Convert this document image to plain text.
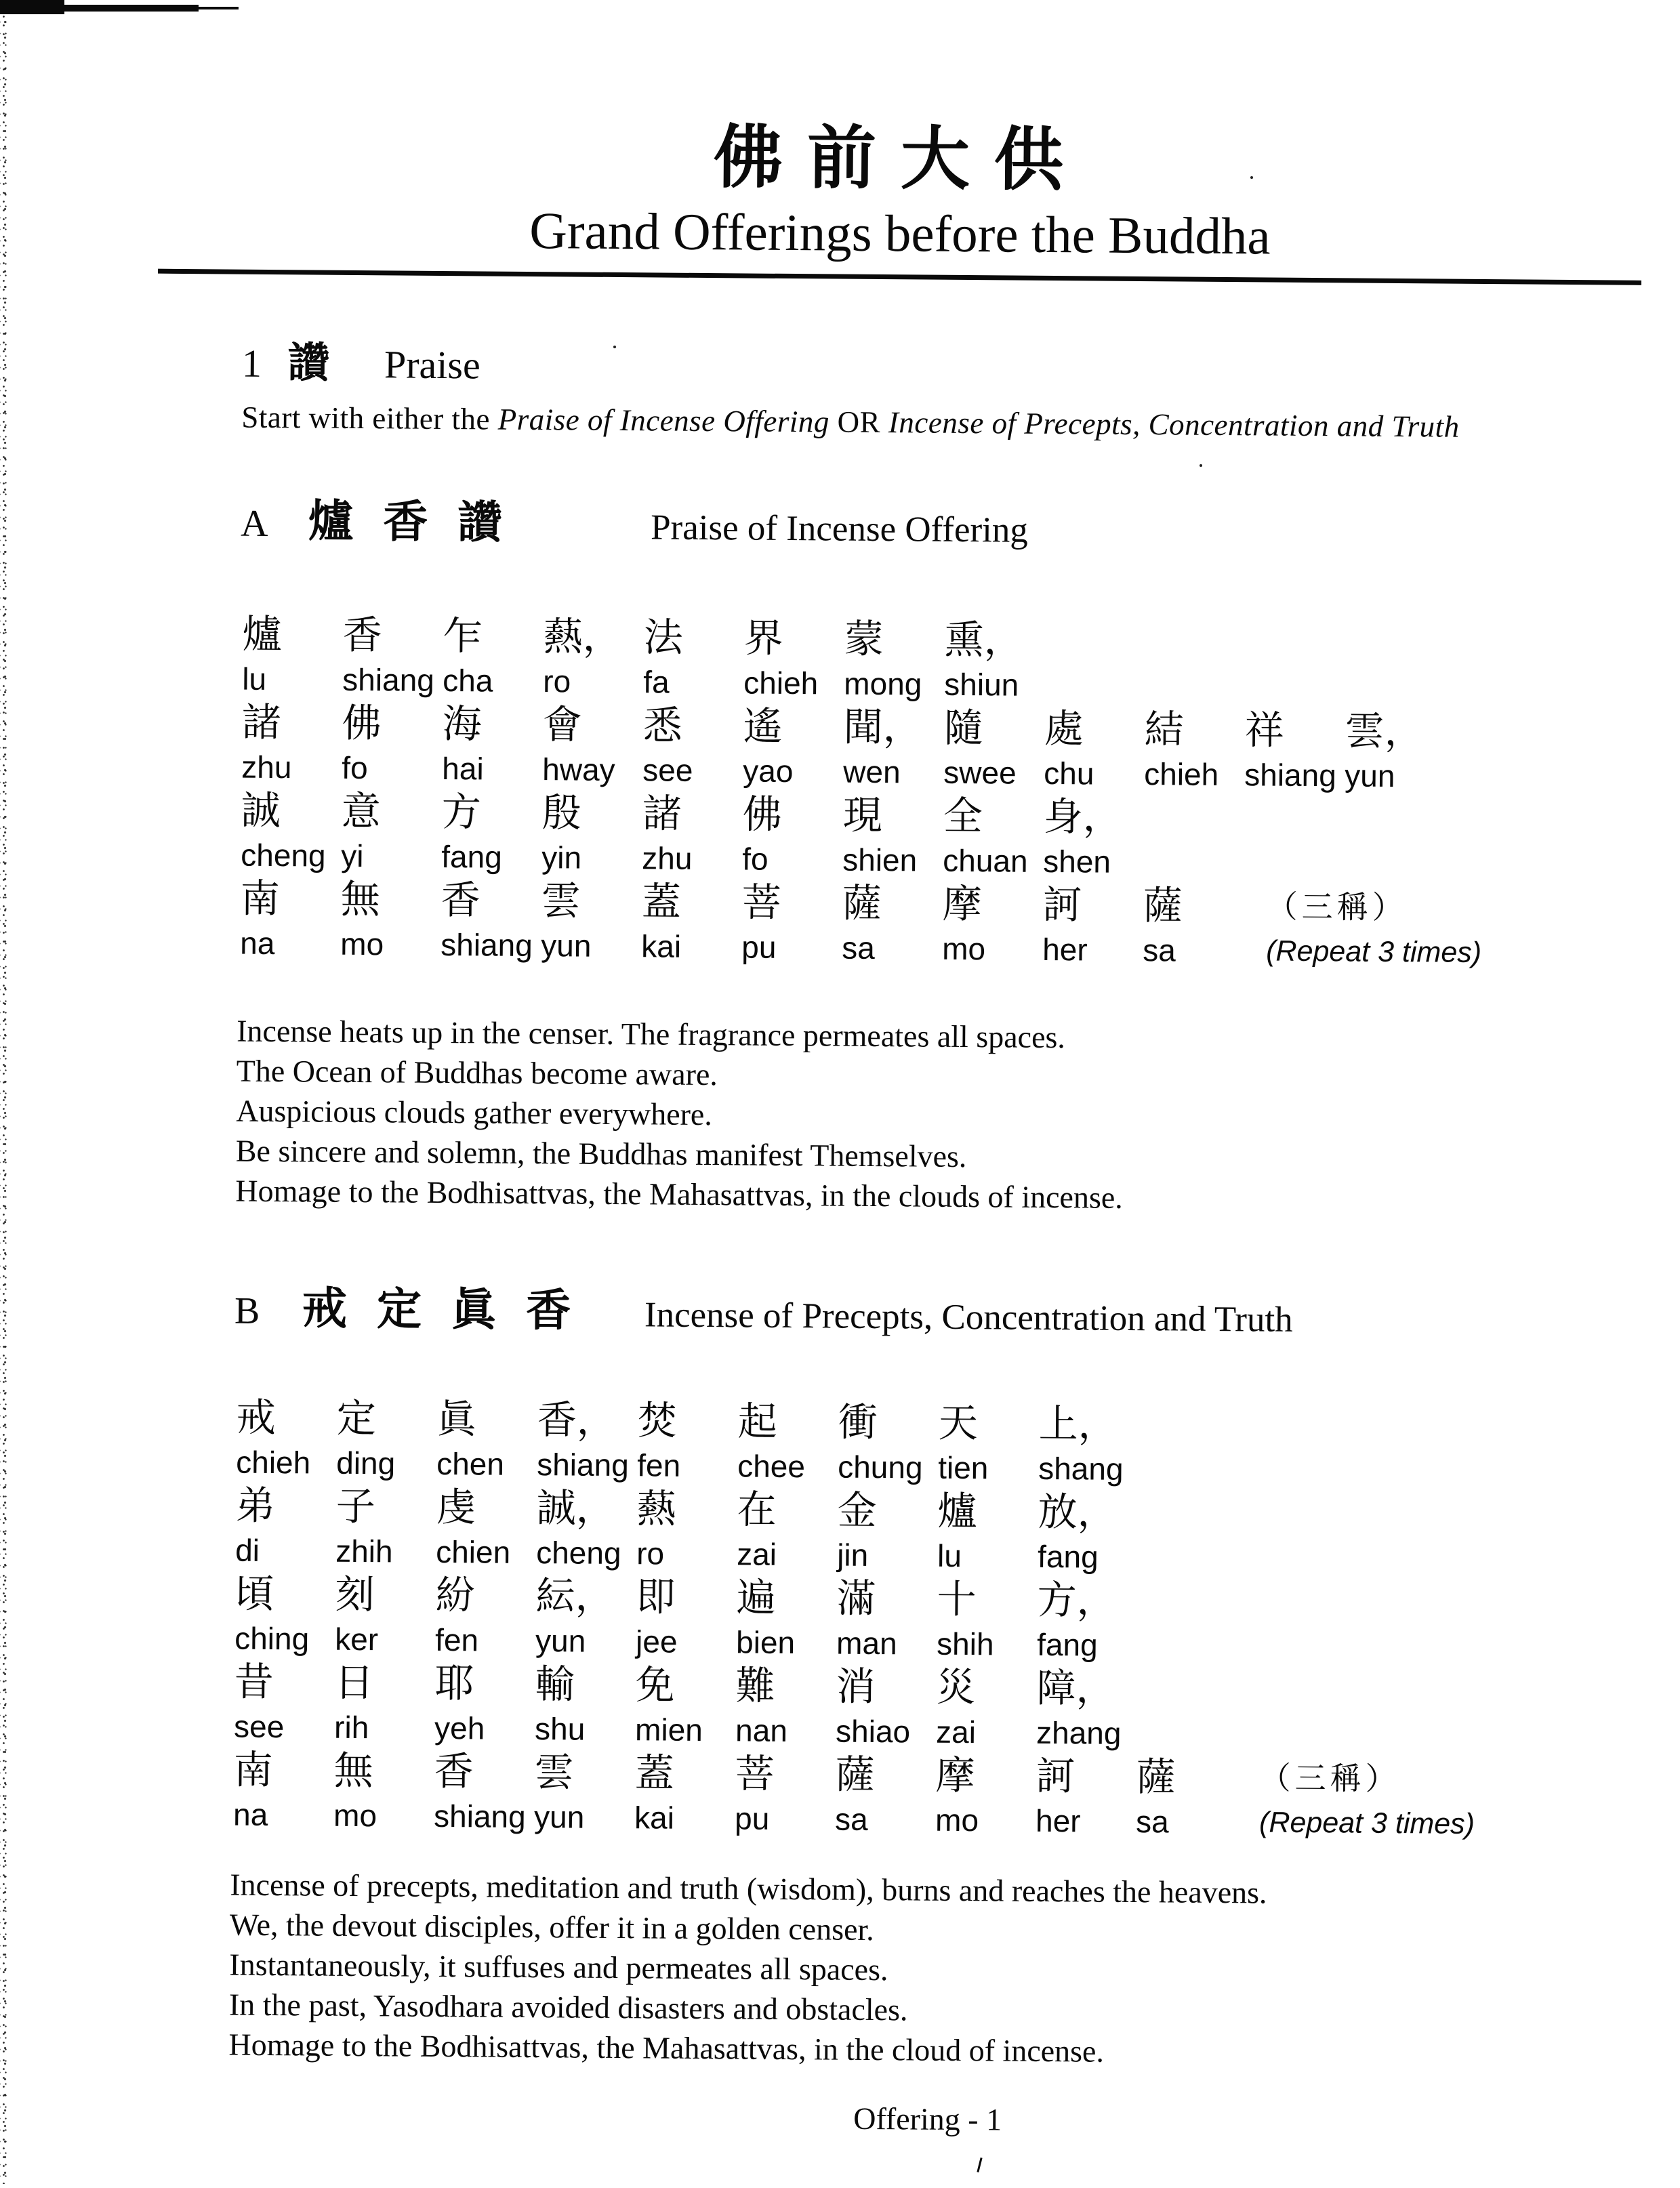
佛前大供
Grand Offerings before the Buddha
1 讚 Praise

Start with either the Praise of Incense Offering OR Incense of Precepts, Concentration and Truth

A 爐香讚	Praise of Incense Offering
爐
lu
香
shiang
乍
cha
爇，
ro
法
fa
界
chieh
蒙
mong
熏，
shiun
諸
zhu
佛
fo
海
hai
會
hway
悉
see
遙
yao
聞，
wen
隨
swee
處
chu
結
chieh
祥
shiang
雲，
yun
誠
cheng
意
yi
方
fang
殷
yin
諸
zhu
佛
fo
現
shien
全
chuan
身，
shen
南
na
無
mo
香
shiang
雲
yun
蓋
kai
菩
pu
薩
sa
摩
mo
訶
her
薩
sa
（三稱）
(Repeat 3 times)

Incense heats up in the censer. The fragrance permeates all spaces.

The Ocean of Buddhas become aware.

Auspicious clouds gather everywhere.

Be sincere and solemn, the Buddhas manifest Themselves.

Homage to the Bodhisattvas, the Mahasattvas, in the clouds of incense.

B 戒定眞香	Incense of Precepts, Concentration and Truth
戒
chieh
定
ding
眞
chen
香，
shiang
焚
fen
起
chee
衝
chung
天
tien
上，
shang
弟
di
子
zhih
虔
chien
誠，
cheng
爇
ro
在
zai
金
jin
爐
lu
放，
fang
頃
ching
刻
ker
紛
fen
紜，
yun
即
jee
遍
bien
滿
man
十
shih
方，
fang
昔
see
日
rih
耶
yeh
輸
shu
免
mien
難
nan
消
shiao
災
zai
障，
zhang
南
na
無
mo
香
shiang
雲
yun
蓋
kai
菩
pu
薩
sa
摩
mo
訶
her
薩
sa
（三稱）
(Repeat 3 times)

Incense of precepts, meditation and truth (wisdom), burns and reaches the heavens.

We, the devout disciples, offer it in a golden censer.

Instantaneously, it suffuses and permeates all spaces.

In the past, Yasodhara avoided disasters and obstacles.

Homage to the Bodhisattvas, the Mahasattvas, in the cloud of incense.

Offering - 1
